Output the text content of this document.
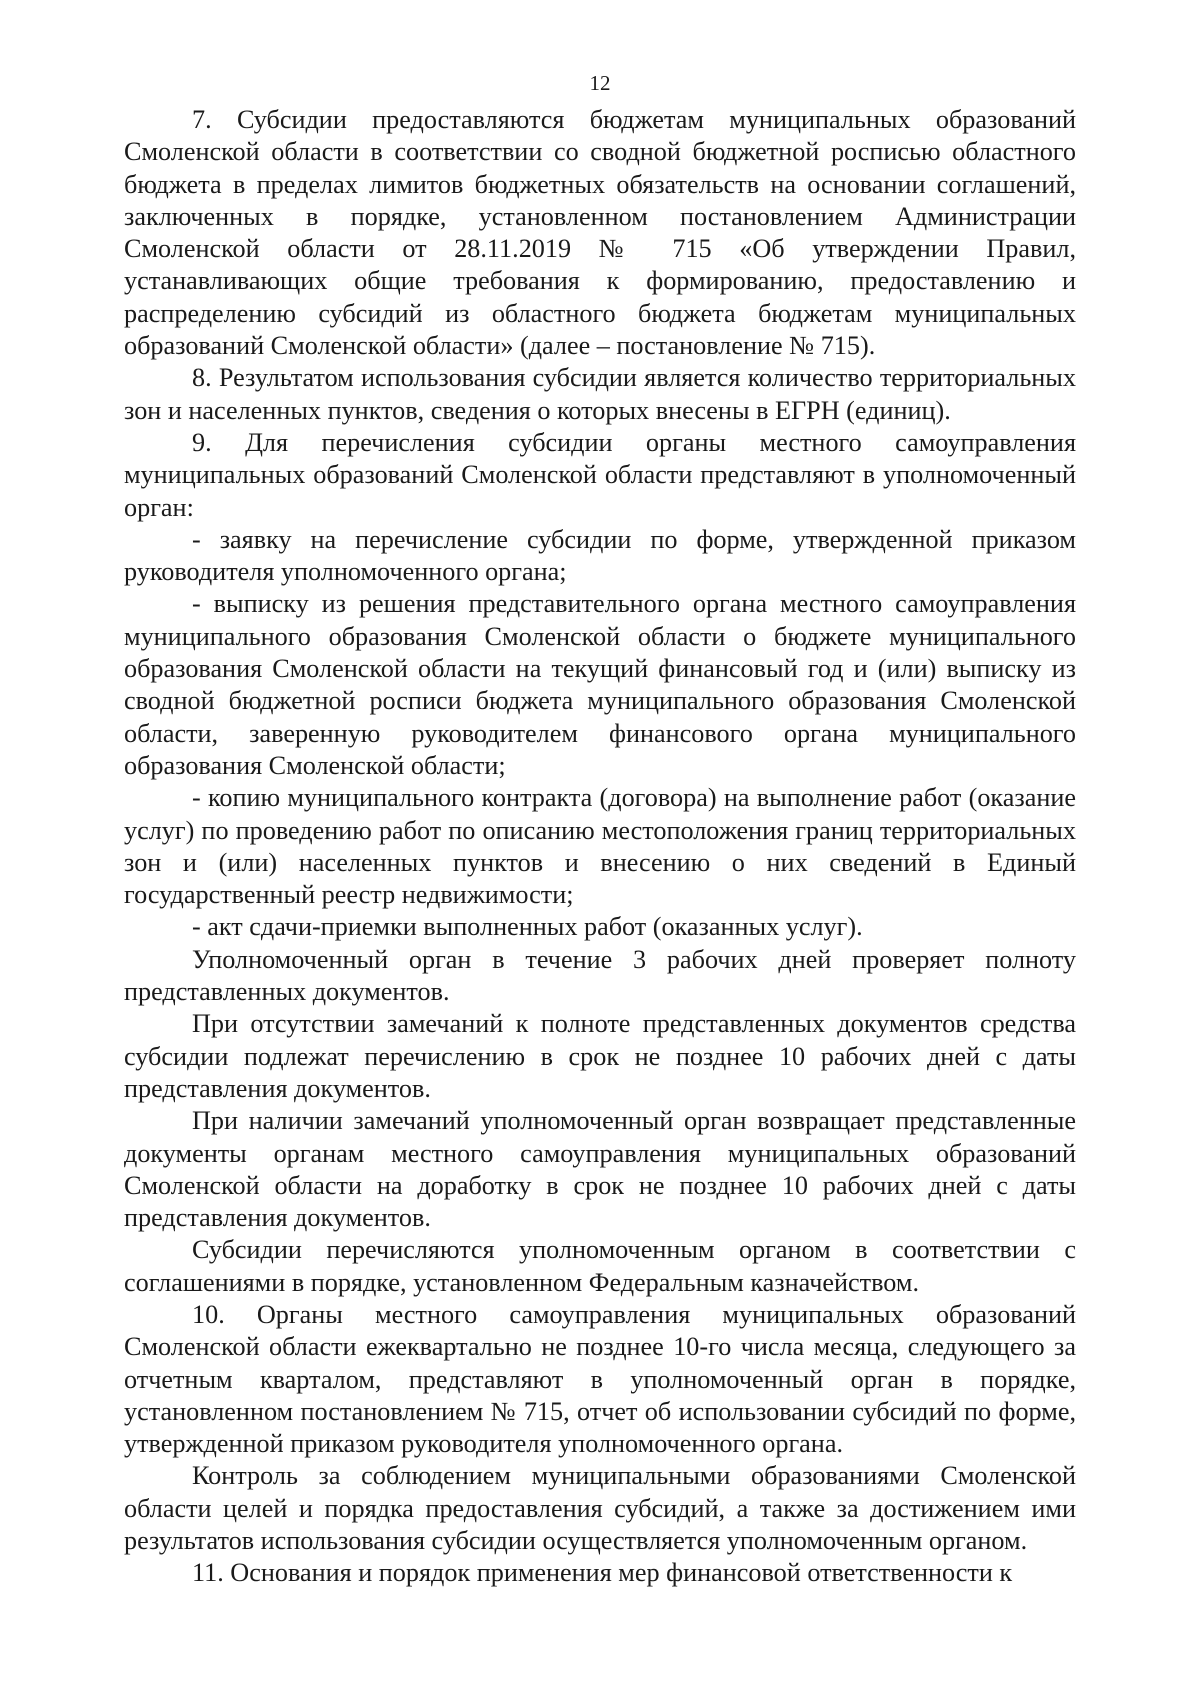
12

7. Субсидии предоставляются бюджетам муниципальных образований Смоленской области в соответствии со сводной бюджетной росписью областного бюджета в пределах лимитов бюджетных обязательств на основании соглашений, заключенных в порядке, установленном постановлением Администрации Смоленской области от 28.11.2019 № 715 «Об утверждении Правил, устанавливающих общие требования к формированию, предоставлению и распределению субсидий из областного бюджета бюджетам муниципальных образований Смоленской области» (далее – постановление № 715).

8. Результатом использования субсидии является количество территориальных зон и населенных пунктов, сведения о которых внесены в ЕГРН (единиц).

9. Для перечисления субсидии органы местного самоуправления муниципальных образований Смоленской области представляют в уполномоченный орган:

- заявку на перечисление субсидии по форме, утвержденной приказом руководителя уполномоченного органа;

- выписку из решения представительного органа местного самоуправления муниципального образования Смоленской области о бюджете муниципального образования Смоленской области на текущий финансовый год и (или) выписку из сводной бюджетной росписи бюджета муниципального образования Смоленской области, заверенную руководителем финансового органа муниципального образования Смоленской области;

- копию муниципального контракта (договора) на выполнение работ (оказание услуг) по проведению работ по описанию местоположения границ территориальных зон и (или) населенных пунктов и внесению о них сведений в Единый государственный реестр недвижимости;

- акт сдачи-приемки выполненных работ (оказанных услуг).

Уполномоченный орган в течение 3 рабочих дней проверяет полноту представленных документов.

При отсутствии замечаний к полноте представленных документов средства субсидии подлежат перечислению в срок не позднее 10 рабочих дней с даты представления документов.

При наличии замечаний уполномоченный орган возвращает представленные документы органам местного самоуправления муниципальных образований Смоленской области на доработку в срок не позднее 10 рабочих дней с даты представления документов.

Субсидии перечисляются уполномоченным органом в соответствии с соглашениями в порядке, установленном Федеральным казначейством.

10. Органы местного самоуправления муниципальных образований Смоленской области ежеквартально не позднее 10-го числа месяца, следующего за отчетным кварталом, представляют в уполномоченный орган в порядке, установленном постановлением № 715, отчет об использовании субсидий по форме, утвержденной приказом руководителя уполномоченного органа.

Контроль за соблюдением муниципальными образованиями Смоленской области целей и порядка предоставления субсидий, а также за достижением ими результатов использования субсидии осуществляется уполномоченным органом.

11. Основания и порядок применения мер финансовой ответственности к
